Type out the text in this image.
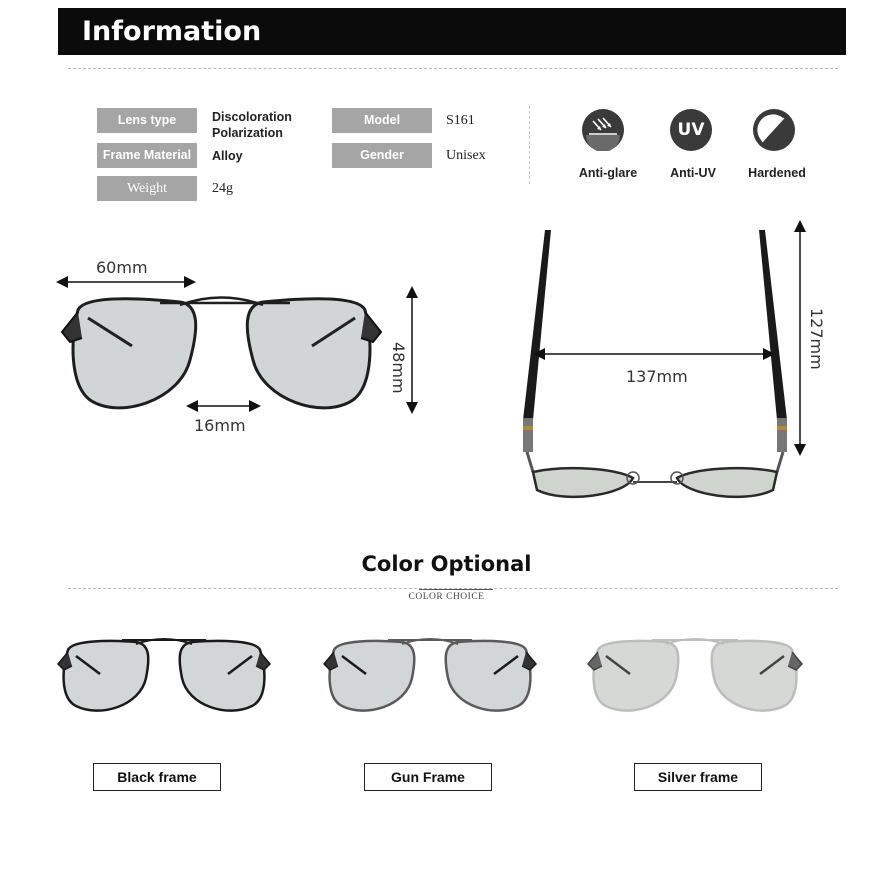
Information
Lens type	Discoloration
Polarization
Frame Material	Alloy
Weight	24g
Model	S161
Gender	Unisex
Anti-glare
UV
Anti-UV	Hardened
60mm
16mm
48mm	137mm
127mm
Color Optional
COLOR CHOICE
Black frame	Gun Frame	Silver frame
